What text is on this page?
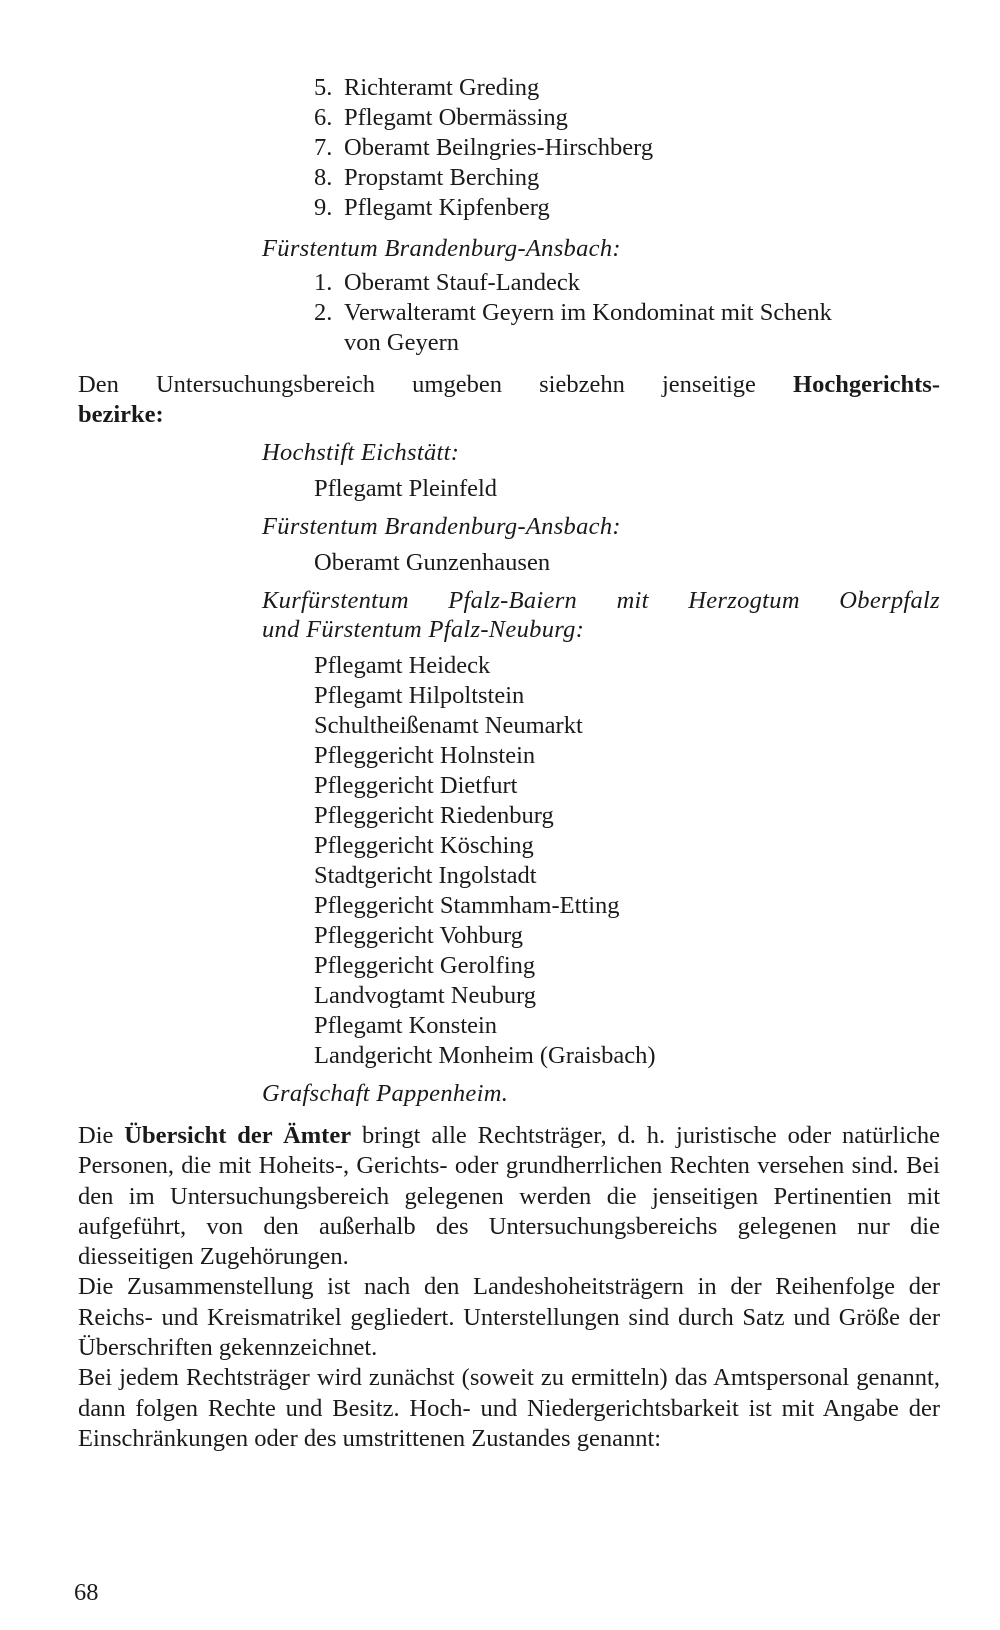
5. Richteramt Greding
6. Pflegamt Obermässing
7. Oberamt Beilngries-Hirschberg
8. Propstamt Berching
9. Pflegamt Kipfenberg
Fürstentum Brandenburg-Ansbach:
1. Oberamt Stauf-Landeck
2. Verwalteramt Geyern im Kondominat mit Schenk
von Geyern
Den Untersuchungsbereich umgeben siebzehn jenseitige Hochgerichts-
bezirke:
Hochstift Eichstätt:
Pflegamt Pleinfeld
Fürstentum Brandenburg-Ansbach:
Oberamt Gunzenhausen
Kurfürstentum Pfalz-Baiern mit Herzogtum Oberpfalz
und Fürstentum Pfalz-Neuburg:
Pflegamt Heideck
Pflegamt Hilpoltstein
Schultheißenamt Neumarkt
Pfleggericht Holnstein
Pfleggericht Dietfurt
Pfleggericht Riedenburg
Pfleggericht Kösching
Stadtgericht Ingolstadt
Pfleggericht Stammham-Etting
Pfleggericht Vohburg
Pfleggericht Gerolfing
Landvogtamt Neuburg
Pflegamt Konstein
Landgericht Monheim (Graisbach)
Grafschaft Pappenheim.

Die Übersicht der Ämter bringt alle Rechtsträger, d. h. juristische oder natürliche Personen, die mit Hoheits-, Gerichts- oder grundherrlichen Rechten versehen sind. Bei den im Untersuchungsbereich gelegenen werden die jenseitigen Pertinentien mit aufgeführt, von den außerhalb des Untersuchungsbereichs gelegenen nur die diesseitigen Zugehörungen.

Die Zusammenstellung ist nach den Landeshoheitsträgern in der Reihenfolge der Reichs- und Kreismatrikel gegliedert. Unterstellungen sind durch Satz und Größe der Überschriften gekennzeichnet.

Bei jedem Rechtsträger wird zunächst (soweit zu ermitteln) das Amtspersonal genannt, dann folgen Rechte und Besitz. Hoch- und Niedergerichtsbarkeit ist mit Angabe der Einschränkungen oder des umstrittenen Zustandes genannt:

68
